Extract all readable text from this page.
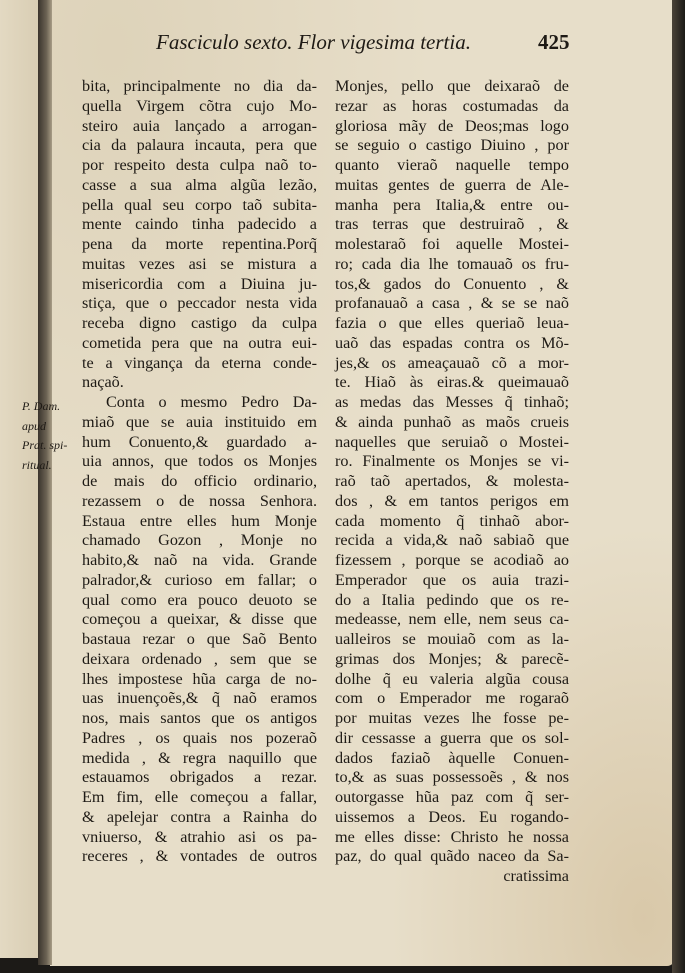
Fasciculo sexto. Flor vigesima tertia.	425
P. Dam.
apud
Prat. spi-
ritual.
bita, principalmente no dia da-
quella Virgem cõtra cujo Mo-
steiro auia lançado a arrogan-
cia da palaura incauta, pera que
por respeito desta culpa naõ to-
casse a sua alma algũa lezão,
pella qual seu corpo taõ subita-
mente caindo tinha padecido a
pena da morte repentina.Porq̃
muitas vezes asi se mistura a
misericordia com a Diuina ju-
stiça, que o peccador nesta vida
receba digno castigo da culpa
cometida pera que na outra eui-
te a vingança da eterna conde-
naçaõ.
Conta o mesmo Pedro Da-
miaõ que se auia instituido em
hum Conuento,& guardado a-
uia annos, que todos os Monjes
de mais do officio ordinario,
rezassem o de nossa Senhora.
Estaua entre elles hum Monje
chamado Gozon , Monje no
habito,& naõ na vida. Grande
palrador,& curioso em fallar; o
qual como era pouco deuoto se
começou a queixar, & disse que
bastaua rezar o que Saõ Bento
deixara ordenado , sem que se
lhes impostese hũa carga de no-
uas inuençoẽs,& q̃ naõ eramos
nos, mais santos que os antigos
Padres , os quais nos pozeraõ
medida , & regra naquillo que
estauamos obrigados a rezar.
Em fim, elle começou a fallar,
& apelejar contra a Rainha do
vniuerso, & atrahio asi os pa-
receres , & vontades de outros
Monjes, pello que deixaraõ de
rezar as horas costumadas da
gloriosa mãy de Deos;mas logo
se seguio o castigo Diuino , por
quanto vieraõ naquelle tempo
muitas gentes de guerra de Ale-
manha pera Italia,& entre ou-
tras terras que destruiraõ , &
molestaraõ foi aquelle Mostei-
ro; cada dia lhe tomauaõ os fru-
tos,& gados do Conuento , &
profanauaõ a casa , & se se naõ
fazia o que elles queriaõ leua-
uaõ das espadas contra os Mõ-
jes,& os ameaçauaõ cõ a mor-
te. Hiaõ às eiras.& queimauaõ
as medas das Messes q̃ tinhaõ;
& ainda punhaõ as maõs crueis
naquelles que seruiaõ o Mostei-
ro. Finalmente os Monjes se vi-
raõ taõ apertados, & molesta-
dos , & em tantos perigos em
cada momento q̃ tinhaõ abor-
recida a vida,& naõ sabiaõ que
fizessem , porque se acodiaõ ao
Emperador que os auia trazi-
do a Italia pedindo que os re-
medeasse, nem elle, nem seus ca-
ualleiros se mouiaõ com as la-
grimas dos Monjes; & parecẽ-
dolhe q̃ eu valeria algũa cousa
com o Emperador me rogaraõ
por muitas vezes lhe fosse pe-
dir cessasse a guerra que os sol-
dados faziaõ àquelle Conuen-
to,& as suas possessoẽs , & nos
outorgasse hũa paz com q̃ ser-
uissemos a Deos. Eu rogando-
me elles disse: Christo he nossa
paz, do qual quãdo naceo da Sa-
cratissima
